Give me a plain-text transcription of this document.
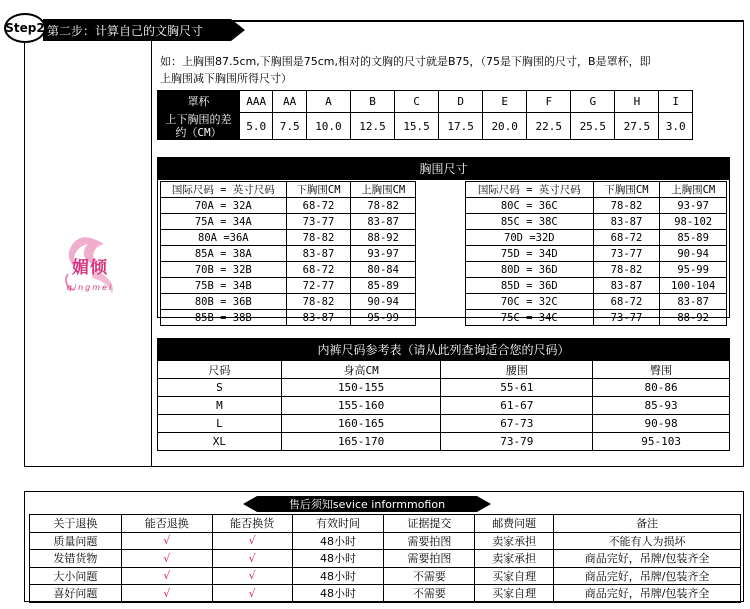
Step2 第二步：计算自己的文胸尺寸
媚倾
qingmei
如：上胸围87.5cm,下胸围是75cm,相对的文胸的尺寸就是B75，（75是下胸围的尺寸，B是罩杯，即
上胸围减下胸围所得尺寸）
罩杯	AAA	AA	A	B	C	D	E	F	G	H	I

上下胸围的差
约（CM）	5.0	7.5	10.0	12.5	15.5	17.5	20.0	22.5	25.5	27.5	3.0
胸围尺寸
国际尺码 = 英寸尺码	下胸围CM	上胸围CM
70A = 32A	68-72	78-82
75A = 34A	73-77	83-87
80A =36A	78-82	88-92
85A = 38A	83-87	93-97
70B = 32B	68-72	80-84
75B = 34B	72-77	85-89
80B = 36B	78-82	90-94
85B = 38B	83-87	95-99
国际尺码 = 英寸尺码	下胸围CM	上胸围CM
80C = 36C	78-82	93-97
85C = 38C	83-87	98-102
70D =32D	68-72	85-89
75D = 34D	73-77	90-94
80D = 36D	78-82	95-99
85D = 36D	83-87	100-104
70C = 32C	68-72	83-87
75C = 34C	73-77	88-92
内裤尺码参考表（请从此列查询适合您的尺码）
尺码	身高CM	腰围	臀围
S	150-155	55-61	80-86
M	155-160	61-67	85-93
L	160-165	67-73	90-98
XL	165-170	73-79	95-103
售后须知sevice informmofion
关于退换	能否退换	能否换货	有效时间	证据提交	邮费问题	备注
质量问题	√	√	48小时	需要拍图	卖家承担	不能有人为损坏
发错货物	√	√	48小时	需要拍图	卖家承担	商品完好，吊牌/包装齐全
大小问题	√	√	48小时	不需要	买家自理	商品完好，吊牌/包装齐全
喜好问题	√	√	48小时	不需要	买家自理	商品完好，吊牌/包装齐全
